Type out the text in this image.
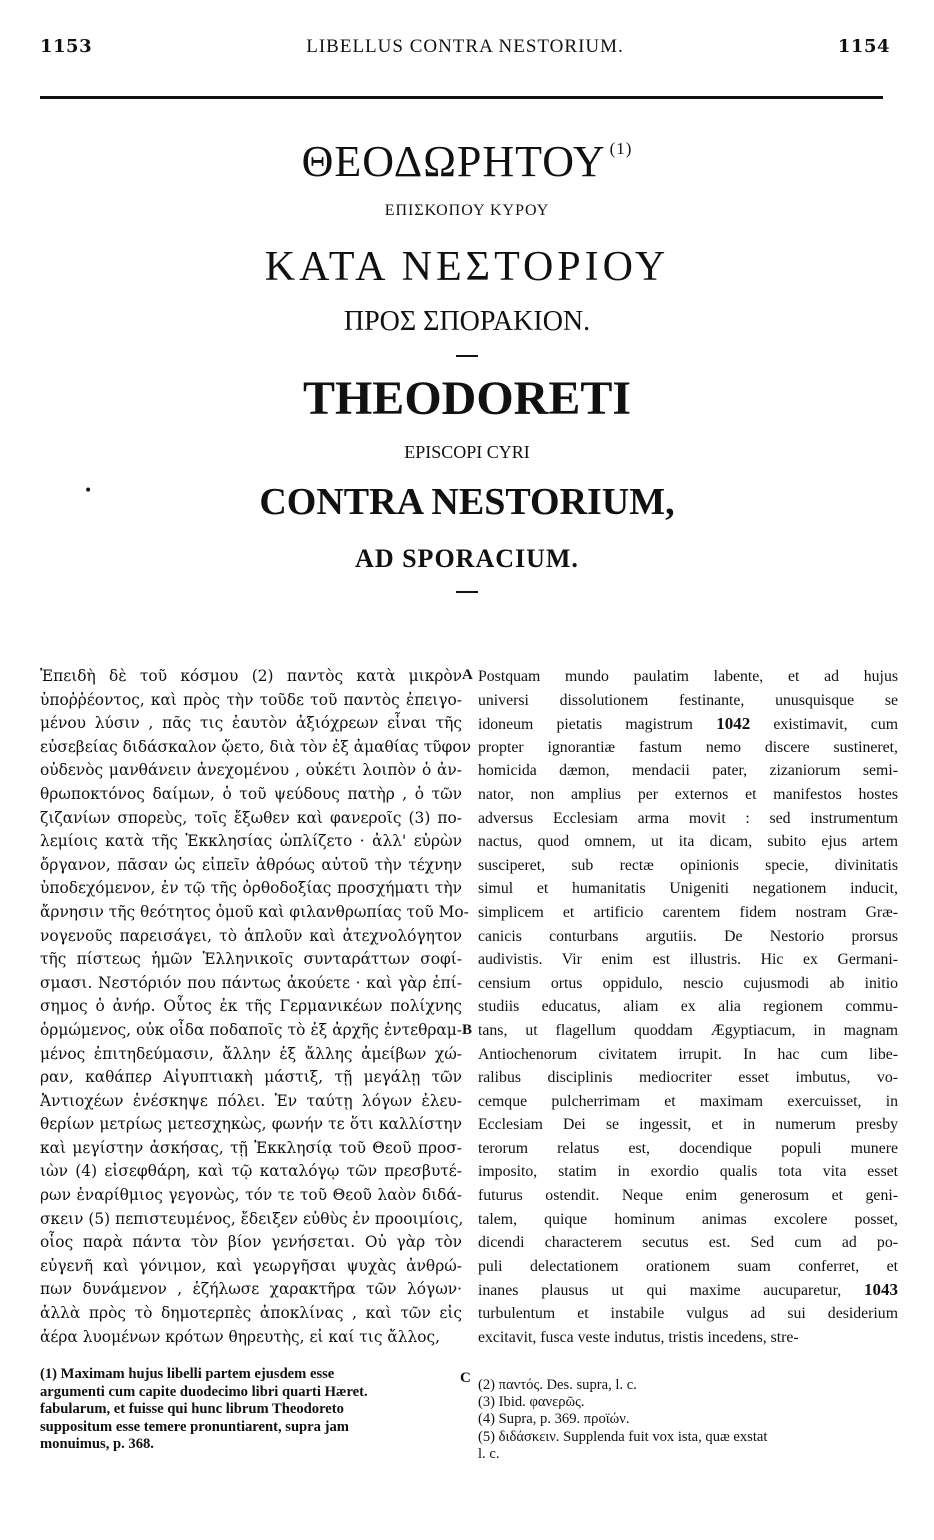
1153	LIBELLUS CONTRA NESTORIUM.	1154
ΘΕΟΔΩΡΗΤΟΥ $^{(1)}$
ΕΠΙΣΚΟΠΟΥ ΚΥΡΟΥ
ΚΑΤΑ ΝΕΣΤΟΡΙΟΥ
ΠΡΟΣ ΣΠΟΡΑΚΙΟΝ.
THEODORETI
EPISCOPI CYRI
CONTRA NESTORIUM,
AD SPORACIUM.
•
Ἐπειδὴ δὲ τοῦ κόσμου (2) παντὸς κατὰ μικρὸν
ὑποῤῥέοντος, καὶ πρὸς τὴν τοῦδε τοῦ παντὸς ἐπειγο-
μένου λύσιν , πᾶς τις ἑαυτὸν ἀξιόχρεων εἶναι τῆς
εὐσεβείας διδάσκαλον ᾤετο, διὰ τὸν ἐξ ἀμαθίας τῦφον
οὐδενὸς μανθάνειν ἀνεχομένου , οὐκέτι λοιπὸν ὁ ἀν-
θρωποκτόνος δαίμων, ὁ τοῦ ψεύδους πατὴρ , ὁ τῶν
ζιζανίων σπορεὺς, τοῖς ἔξωθεν καὶ φανεροῖς (3) πο-
λεμίοις κατὰ τῆς Ἐκκλησίας ὡπλίζετο · ἀλλ' εὑρὼν
ὄργανον, πᾶσαν ὡς εἰπεῖν ἀθρόως αὐτοῦ τὴν τέχνην
ὑποδεχόμενον, ἐν τῷ τῆς ὀρθοδοξίας προσχήματι τὴν
ἄρνησιν τῆς θεότητος ὁμοῦ καὶ φιλανθρωπίας τοῦ Μο-
νογενοῦς παρεισάγει, τὸ ἁπλοῦν καὶ ἀτεχνολόγητον
τῆς πίστεως ἡμῶν Ἑλληνικοῖς συνταράττων σοφί-
σμασι. Νεστόριόν που πάντως ἀκούετε · καὶ γὰρ ἐπί-
σημος ὁ ἀνήρ. Οὗτος ἐκ τῆς Γερμανικέων πολίχνης
ὁρμώμενος, οὐκ οἶδα ποδαποῖς τὸ ἐξ ἀρχῆς ἐντεθραμ-
μένος ἐπιτηδεύμασιν, ἄλλην ἐξ ἄλλης ἀμείβων χώ-
ραν, καθάπερ Αἰγυπτιακὴ μάστιξ, τῇ μεγάλῃ τῶν
Ἀντιοχέων ἐνέσκηψε πόλει. Ἐν ταύτῃ λόγων ἐλευ-
θερίων μετρίως μετεσχηκὼς, φωνήν τε ὅτι καλλίστην
καὶ μεγίστην ἀσκήσας, τῇ Ἐκκλησίᾳ τοῦ Θεοῦ προσ-
ιὼν (4) εἰσεφθάρη, καὶ τῷ καταλόγῳ τῶν πρεσβυτέ-
ρων ἐναρίθμιος γεγονὼς, τόν τε τοῦ Θεοῦ λαὸν διδά-
σκειν (5) πεπιστευμένος, ἔδειξεν εὐθὺς ἐν προοιμίοις,
οἷος παρὰ πάντα τὸν βίον γενήσεται. Οὐ γὰρ τὸν
εὐγενῆ καὶ γόνιμον, καὶ γεωργῆσαι ψυχὰς ἀνθρώ-
πων δυνάμενον , ἐζήλωσε χαρακτῆρα τῶν λόγων·
ἀλλὰ πρὸς τὸ δημοτερπὲς ἀποκλίνας , καὶ τῶν εἰς
ἀέρα λυομένων κρότων θηρευτὴς, εἰ καί τις ἄλλος,
Postquam mundo paulatim labente, et ad hujus
universi dissolutionem festinante, unusquisque se
idoneum pietatis magistrum 1042 existimavit, cum
propter ignorantiæ fastum nemo discere sustineret,
homicida dæmon, mendacii pater, zizaniorum semi-
nator, non amplius per externos et manifestos hostes
adversus Ecclesiam arma movit : sed instrumentum
nactus, quod omnem, ut ita dicam, subito ejus artem
susciperet, sub rectæ opinionis specie, divinitatis
simul et humanitatis Unigeniti negationem inducit,
simplicem et artificio carentem fidem nostram Græ-
canicis conturbans argutiis. De Nestorio prorsus
audivistis. Vir enim est illustris. Hic ex Germani-
censium ortus oppidulo, nescio cujusmodi ab initio
studiis educatus, aliam ex alia regionem commu-
tans, ut flagellum quoddam Ægyptiacum, in magnam
Antiochenorum civitatem irrupit. In hac cum libe-
ralibus disciplinis mediocriter esset imbutus, vo-
cemque pulcherrimam et maximam exercuisset, in
Ecclesiam Dei se ingessit, et in numerum presby
terorum relatus est, docendique populi munere
imposito, statim in exordio qualis tota vita esset
futurus ostendit. Neque enim generosum et geni-
talem, quique hominum animas excolere posset,
dicendi characterem secutus est. Sed cum ad po-
puli delectationem orationem suam conferret, et
inanes plausus ut qui maxime aucuparetur, 1043
turbulentum et instabile vulgus ad sui desiderium
excitavit, fusca veste indutus, tristis incedens, stre-
A
B
C
(1) Maximam hujus libelli partem ejusdem esse
argumenti cum capite duodecimo libri quarti Hæret.
fabularum, et fuisse qui hunc librum Theodoreto
suppositum esse temere pronuntiarent, supra jam
monuimus, p. 368.
(2) παντός. Des. supra, l. c.
(3) Ibid. φανερῶς.
(4) Supra, p. 369. προϊών.
(5) διδάσκειν. Supplenda fuit vox ista, quæ exstat
l. c.
